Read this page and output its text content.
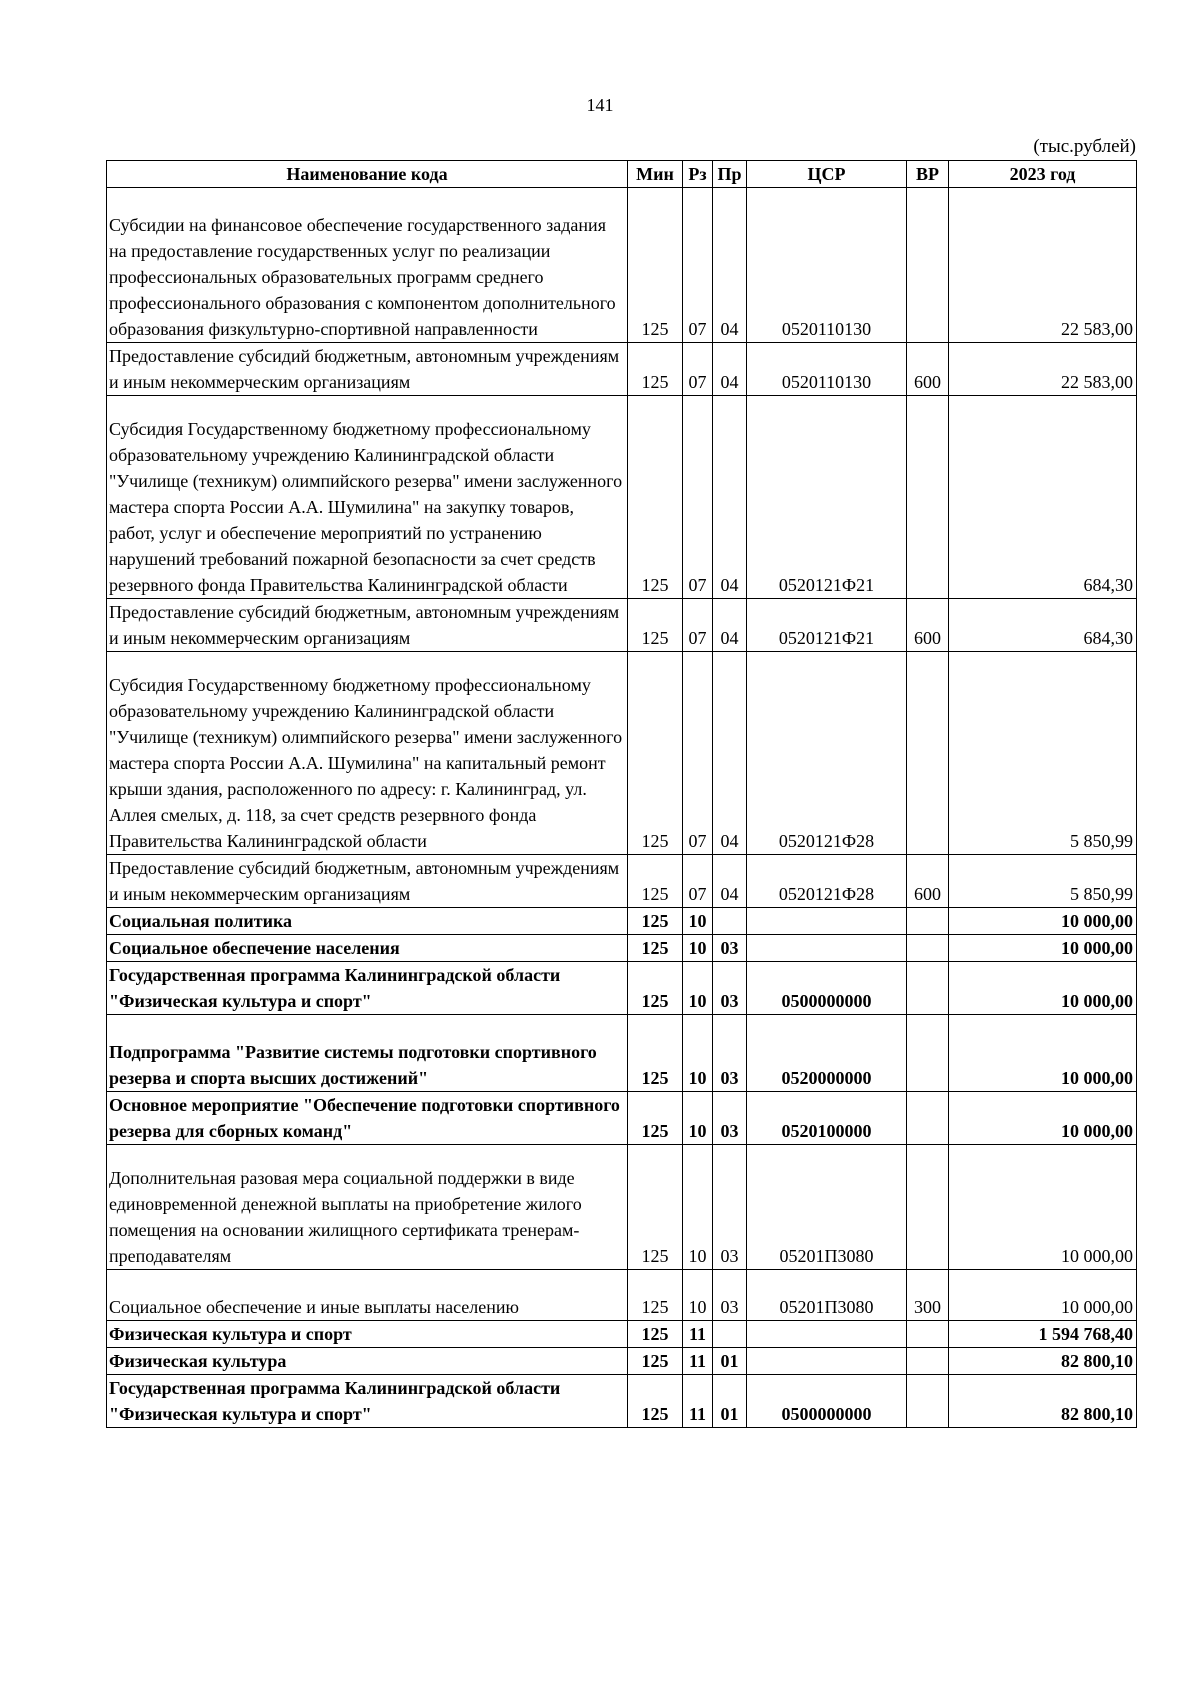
141
(тыс.рублей)
Наименование кода	Мин	Рз	Пр	ЦСР	ВР	2023 год
Субсидии на финансовое обеспечение государственного задания на предоставление государственных услуг по реализации профессиональных образовательных программ среднего профессионального образования с компонентом дополнительного образования физкультурно-спортивной направленности	125	07	04	0520110130		22 583,00
Предоставление субсидий бюджетным, автономным учреждениям и иным некоммерческим организациям	125	07	04	0520110130	600	22 583,00
Субсидия Государственному бюджетному профессиональному образовательному учреждению Калининградской области "Училище (техникум) олимпийского резерва" имени заслуженного мастера спорта России А.А. Шумилина" на закупку товаров, работ, услуг и обеспечение мероприятий по устранению нарушений требований пожарной безопасности за счет средств резервного фонда Правительства Калининградской области	125	07	04	0520121Ф21		684,30
Предоставление субсидий бюджетным, автономным учреждениям и иным некоммерческим организациям	125	07	04	0520121Ф21	600	684,30
Субсидия Государственному бюджетному профессиональному образовательному учреждению Калининградской области "Училище (техникум) олимпийского резерва" имени заслуженного мастера спорта России А.А. Шумилина" на капитальный ремонт крыши здания, расположенного по адресу: г. Калининград, ул. Аллея смелых, д. 118, за счет средств резервного фонда Правительства Калининградской области	125	07	04	0520121Ф28		5 850,99
Предоставление субсидий бюджетным, автономным учреждениям и иным некоммерческим организациям	125	07	04	0520121Ф28	600	5 850,99
Социальная политика	125	10				10 000,00
Социальное обеспечение населения	125	10	03			10 000,00
Государственная программа Калининградской области "Физическая культура и спорт"	125	10	03	0500000000		10 000,00
Подпрограмма "Развитие системы подготовки спортивного резерва и спорта высших достижений"	125	10	03	0520000000		10 000,00
Основное мероприятие "Обеспечение подготовки спортивного резерва для сборных команд"	125	10	03	0520100000		10 000,00
Дополнительная разовая мера социальной поддержки в виде единовременной денежной выплаты на приобретение жилого помещения на основании жилищного сертификата тренерам-преподавателям	125	10	03	05201П3080		10 000,00
Социальное обеспечение и иные выплаты населению	125	10	03	05201П3080	300	10 000,00
Физическая культура и спорт	125	11				1 594 768,40
Физическая культура	125	11	01			82 800,10
Государственная программа Калининградской области "Физическая культура и спорт"	125	11	01	0500000000		82 800,10
